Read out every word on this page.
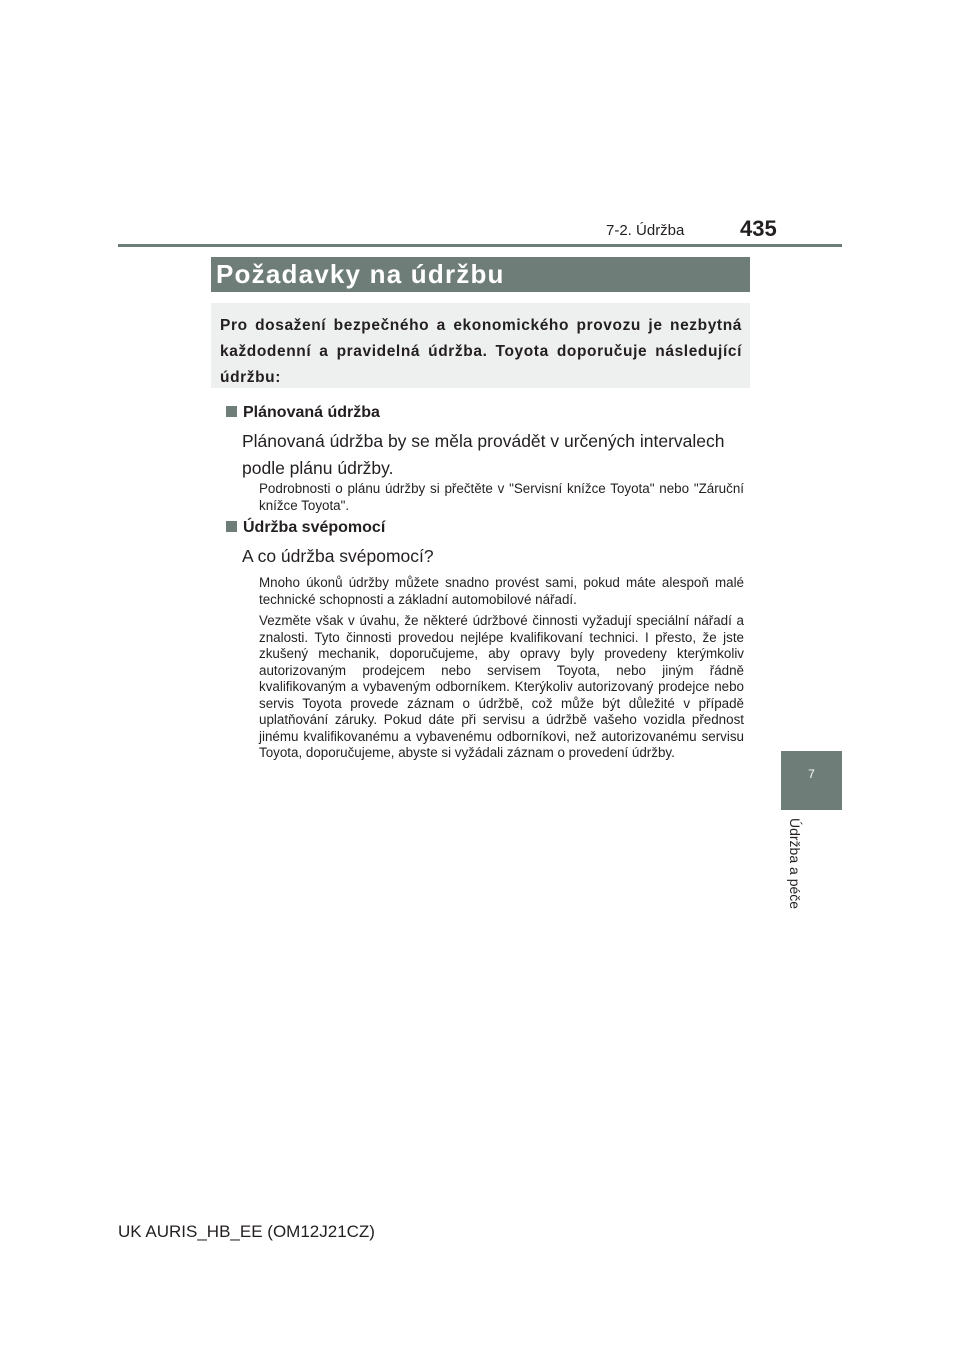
7-2. Údržba	435
Požadavky na údržbu
Pro dosažení bezpečného a ekonomického provozu je nezbytná každodenní a pravidelná údržba. Toyota doporučuje následující údržbu:
Plánovaná údržba
Plánovaná údržba by se měla provádět v určených intervalech podle plánu údržby.
Podrobnosti o plánu údržby si přečtěte v "Servisní knížce Toyota" nebo "Záruční knížce Toyota".
Údržba svépomocí
A co údržba svépomocí?
Mnoho úkonů údržby můžete snadno provést sami, pokud máte alespoň malé technické schopnosti a základní automobilové nářadí.
Vezměte však v úvahu, že některé údržbové činnosti vyžadují speciální nářadí a znalosti. Tyto činnosti provedou nejlépe kvalifikovaní technici. I přesto, že jste zkušený mechanik, doporučujeme, aby opravy byly provedeny kterýmkoliv autorizovaným prodejcem nebo servisem Toyota, nebo jiným řádně kvalifikovaným a vybaveným odborníkem. Kterýkoliv autorizovaný prodejce nebo servis Toyota provede záznam o údržbě, což může být důležité v případě uplatňování záruky. Pokud dáte při servisu a údržbě vašeho vozidla přednost jinému kvalifikovanému a vybavenému odborníkovi, než autorizovanému servisu Toyota, doporučujeme, abyste si vyžádali záznam o provedení údržby.
7
Údržba a péče
UK AURIS_HB_EE (OM12J21CZ)
